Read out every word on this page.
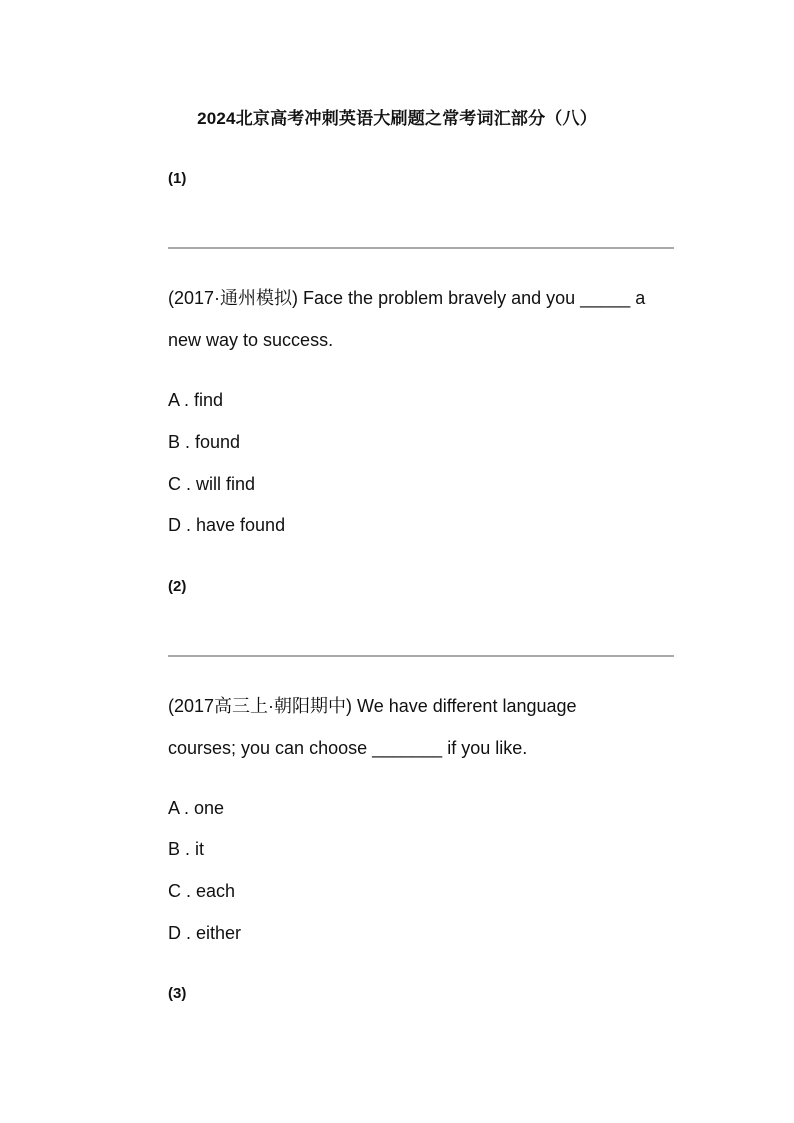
2024北京高考冲刺英语大刷题之常考词汇部分（八）
(1)
(2017·通州模拟) Face the problem bravely and you _____ a
new way to success.
A . find
B . found
C . will find
D . have found
(2)
(2017高三上·朝阳期中) We have different language
courses; you can choose _______ if you like.
A . one
B . it
C . each
D . either
(3)
